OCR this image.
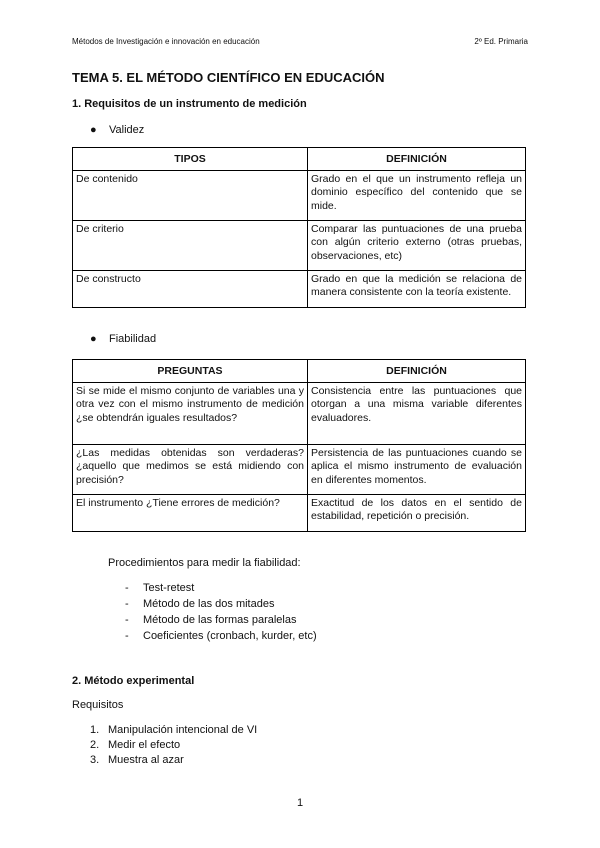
Métodos de Investigación e innovación en educación	2º Ed. Primaria
TEMA 5. EL MÉTODO CIENTÍFICO EN EDUCACIÓN
1. Requisitos de un instrumento de medición
● Validez
TIPOS	DEFINICIÓN
De contenido	Grado en el que un instrumento refleja un dominio específico del contenido que se mide.
De criterio	Comparar las puntuaciones de una prueba con algún criterio externo (otras pruebas, observaciones, etc)
De constructo	Grado en que la medición se relaciona de manera consistente con la teoría existente.
● Fiabilidad
PREGUNTAS	DEFINICIÓN
Si se mide el mismo conjunto de variables una y otra vez con el mismo instrumento de medición ¿se obtendrán iguales resultados?	Consistencia entre las puntuaciones que otorgan a una misma variable diferentes evaluadores.
¿Las medidas obtenidas son verdaderas? ¿aquello que medimos se está midiendo con precisión?	Persistencia de las puntuaciones cuando se aplica el mismo instrumento de evaluación en diferentes momentos.
El instrumento ¿Tiene errores de medición?	Exactitud de los datos en el sentido de estabilidad, repetición o precisión.
Procedimientos para medir la fiabilidad:
- Test-retest
- Método de las dos mitades
- Método de las formas paralelas
- Coeficientes (cronbach, kurder, etc)
2. Método experimental
Requisitos
1. Manipulación intencional de VI
2. Medir el efecto
3. Muestra al azar
1
